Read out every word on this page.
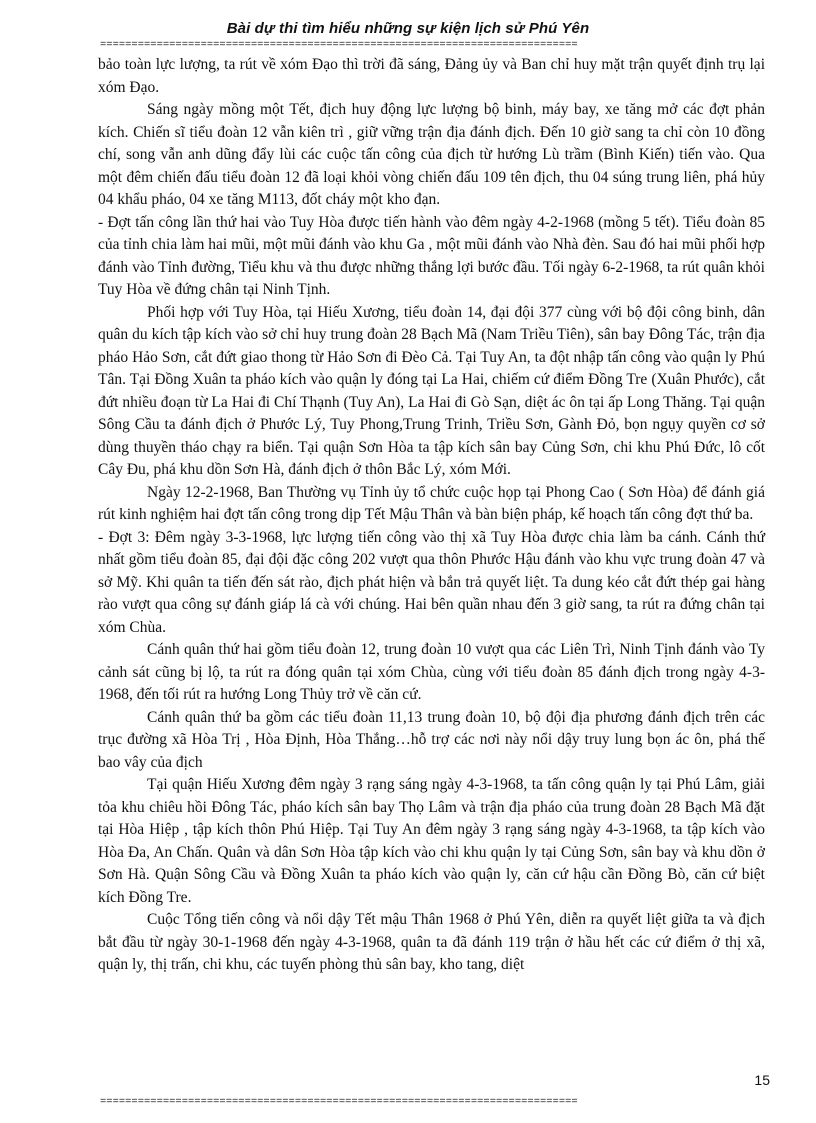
Bài dự thi tìm hiểu những sự kiện lịch sử Phú Yên
============================================================================

bảo toàn lực lượng, ta rút về xóm Đạo thì trời đã sáng, Đảng ủy và Ban chỉ huy mặt trận quyết định trụ lại xóm Đạo.

Sáng ngày mồng một Tết, địch huy động lực lượng bộ binh, máy bay, xe tăng mở các đợt phản kích. Chiến sĩ tiểu đoàn 12 vẫn kiên trì , giữ vững trận địa đánh địch. Đến 10 giờ sang ta chỉ còn 10 đồng chí, song vẫn anh dũng đẩy lùi các cuộc tấn công của địch từ hướng Lù trầm (Bình Kiến) tiến vào. Qua một đêm chiến đấu tiểu đoàn 12 đã loại khỏi vòng chiến đấu 109 tên địch, thu 04 súng trung liên, phá hủy 04 khẩu pháo, 04 xe tăng M113, đốt cháy một kho đạn.

- Đợt tấn công lần thứ hai vào Tuy Hòa được tiến hành vào đêm ngày 4-2-1968 (mồng 5 tết). Tiểu đoàn 85 của tỉnh chia làm hai mũi, một mũi đánh vào khu Ga , một mũi đánh vào Nhà đèn. Sau đó hai mũi phối hợp đánh vào Tỉnh đường, Tiểu khu và thu được những thắng lợi bước đầu. Tối ngày 6-2-1968, ta rút quân khỏi Tuy Hòa về đứng chân tại Ninh Tịnh.

Phối hợp với Tuy Hòa, tại Hiếu Xương, tiểu đoàn 14, đại đội 377 cùng với bộ đội công binh, dân quân du kích tập kích vào sở chỉ huy trung đoàn 28 Bạch Mã (Nam Triều Tiên), sân bay Đông Tác, trận địa pháo Hảo Sơn, cắt đứt giao thong từ Hảo Sơn đi Đèo Cả. Tại Tuy An, ta đột nhập tấn công vào quận ly Phú Tân. Tại Đồng Xuân ta pháo kích vào quận ly đóng tại La Hai, chiếm cứ điểm Đồng Tre (Xuân Phước), cắt đứt nhiều đoạn từ La Hai đi Chí Thạnh (Tuy An), La Hai đi Gò Sạn, diệt ác ôn tại ấp Long Thăng. Tại quận Sông Cầu ta đánh địch ở Phước Lý, Tuy Phong,Trung Trinh, Triều Sơn, Gành Đỏ, bọn ngụy quyền cơ sở dùng thuyền tháo chạy ra biển. Tại quận Sơn Hòa ta tập kích sân bay Củng Sơn, chi khu Phú Đức, lô cốt Cây Đu, phá khu dồn Sơn Hà, đánh địch ở thôn Bắc Lý, xóm Mới.

Ngày 12-2-1968, Ban Thường vụ Tỉnh ủy tổ chức cuộc họp tại Phong Cao ( Sơn Hòa) để đánh giá rút kinh nghiệm hai đợt tấn công trong dịp Tết Mậu Thân và bàn biện pháp, kế hoạch tấn công đợt thứ ba.

- Đợt 3: Đêm ngày 3-3-1968, lực lượng tiến công vào thị xã Tuy Hòa được chia làm ba cánh. Cánh thứ nhất gồm tiểu đoàn 85, đại đội đặc công 202 vượt qua thôn Phước Hậu đánh vào khu vực trung đoàn 47 và sở Mỹ. Khi quân ta tiến đến sát rào, địch phát hiện và bắn trả quyết liệt. Ta dung kéo cắt đứt thép gai hàng rào vượt qua công sự đánh giáp lá cà với chúng. Hai bên quần nhau đến 3 giờ sang, ta rút ra đứng chân tại xóm Chùa.

Cánh quân thứ hai gồm tiểu đoàn 12, trung đoàn 10 vượt qua các Liên Trì, Ninh Tịnh đánh vào Ty cảnh sát cũng bị lộ, ta rút ra đóng quân tại xóm Chùa, cùng với tiểu đoàn 85 đánh địch trong ngày 4-3-1968, đến tối rút ra hướng Long Thủy trở về căn cứ.

Cánh quân thứ ba gồm các tiểu đoàn 11,13 trung đoàn 10, bộ đội địa phương đánh địch trên các trục đường xã Hòa Trị , Hòa Định, Hòa Thắng…hỗ trợ các nơi này nổi dậy truy lung bọn ác ôn, phá thế bao vây của địch

Tại quận Hiếu Xương đêm ngày 3 rạng sáng ngày 4-3-1968, ta tấn công quận ly tại Phú Lâm, giải tỏa khu chiêu hồi Đông Tác, pháo kích sân bay Thọ Lâm và trận địa pháo của trung đoàn 28 Bạch Mã đặt tại Hòa Hiệp , tập kích thôn Phú Hiệp. Tại Tuy An đêm ngày 3 rạng sáng ngày 4-3-1968, ta tập kích vào Hòa Đa, An Chấn. Quân và dân Sơn Hòa tập kích vào chi khu quận ly tại Củng Sơn, sân bay và khu dồn ở Sơn Hà. Quận Sông Cầu và Đồng Xuân ta pháo kích vào quận ly, căn cứ hậu cần Đồng Bò, căn cứ biệt kích Đồng Tre.

Cuộc Tổng tiến công và nổi dậy Tết mậu Thân 1968 ở Phú Yên, diễn ra quyết liệt giữa ta và địch bắt đầu từ ngày 30-1-1968 đến ngày 4-3-1968, quân ta đã đánh 119 trận ở hầu hết các cứ điểm ở thị xã, quận ly, thị trấn, chi khu, các tuyến phòng thủ sân bay, kho tang, diệt

15
============================================================================
